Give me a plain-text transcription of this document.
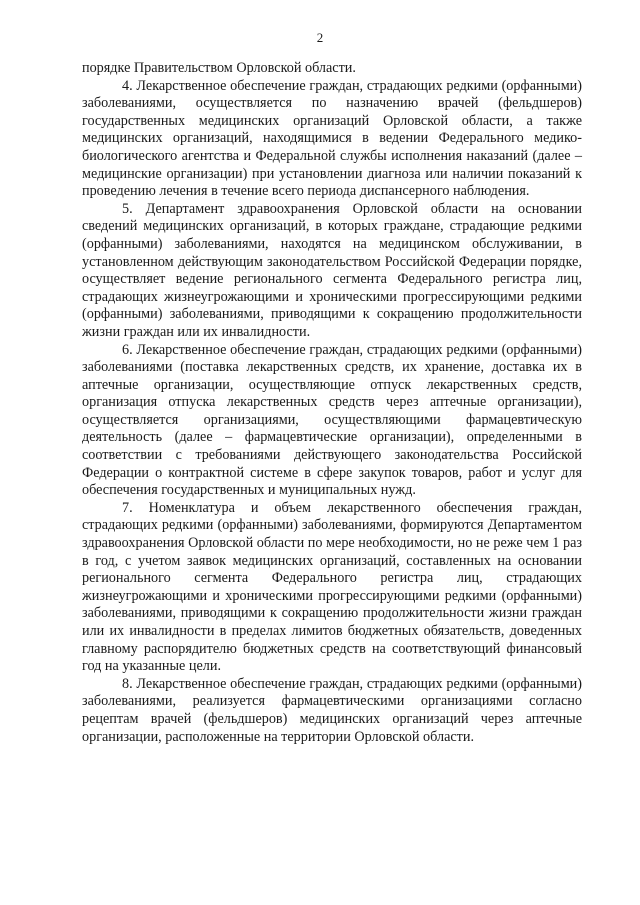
2

порядке Правительством Орловской области.

4. Лекарственное обеспечение граждан, страдающих редкими (орфанными) заболеваниями, осуществляется по назначению врачей (фельдшеров) государственных медицинских организаций Орловской области, а также медицинских организаций, находящимися в ведении Федерального медико-биологического агентства и Федеральной службы исполнения наказаний (далее – медицинские организации) при установлении диагноза или наличии показаний к проведению лечения в течение всего периода диспансерного наблюдения.

5. Департамент здравоохранения Орловской области на основании сведений медицинских организаций, в которых граждане, страдающие редкими (орфанными) заболеваниями, находятся на медицинском обслуживании, в установленном действующим законодательством Российской Федерации порядке, осуществляет ведение регионального сегмента Федерального регистра лиц, страдающих жизнеугрожающими и хроническими прогрессирующими редкими (орфанными) заболеваниями, приводящими к сокращению продолжительности жизни граждан или их инвалидности.

6. Лекарственное обеспечение граждан, страдающих редкими (орфанными) заболеваниями (поставка лекарственных средств, их хранение, доставка их в аптечные организации, осуществляющие отпуск лекарственных средств, организация отпуска лекарственных средств через аптечные организации), осуществляется организациями, осуществляющими фармацевтическую деятельность (далее – фармацевтические организации), определенными в соответствии с требованиями действующего законодательства Российской Федерации о контрактной системе в сфере закупок товаров, работ и услуг для обеспечения государственных и муниципальных нужд.

7. Номенклатура и объем лекарственного обеспечения граждан, страдающих редкими (орфанными) заболеваниями, формируются Департаментом здравоохранения Орловской области по мере необходимости, но не реже чем 1 раз в год, с учетом заявок медицинских организаций, составленных на основании регионального сегмента Федерального регистра лиц, страдающих жизнеугрожающими и хроническими прогрессирующими редкими (орфанными) заболеваниями, приводящими к сокращению продолжительности жизни граждан или их инвалидности в пределах лимитов бюджетных обязательств, доведенных главному распорядителю бюджетных средств на соответствующий финансовый год на указанные цели.

8. Лекарственное обеспечение граждан, страдающих редкими (орфанными) заболеваниями, реализуется фармацевтическими организациями согласно рецептам врачей (фельдшеров) медицинских организаций через аптечные организации, расположенные на территории Орловской области.
